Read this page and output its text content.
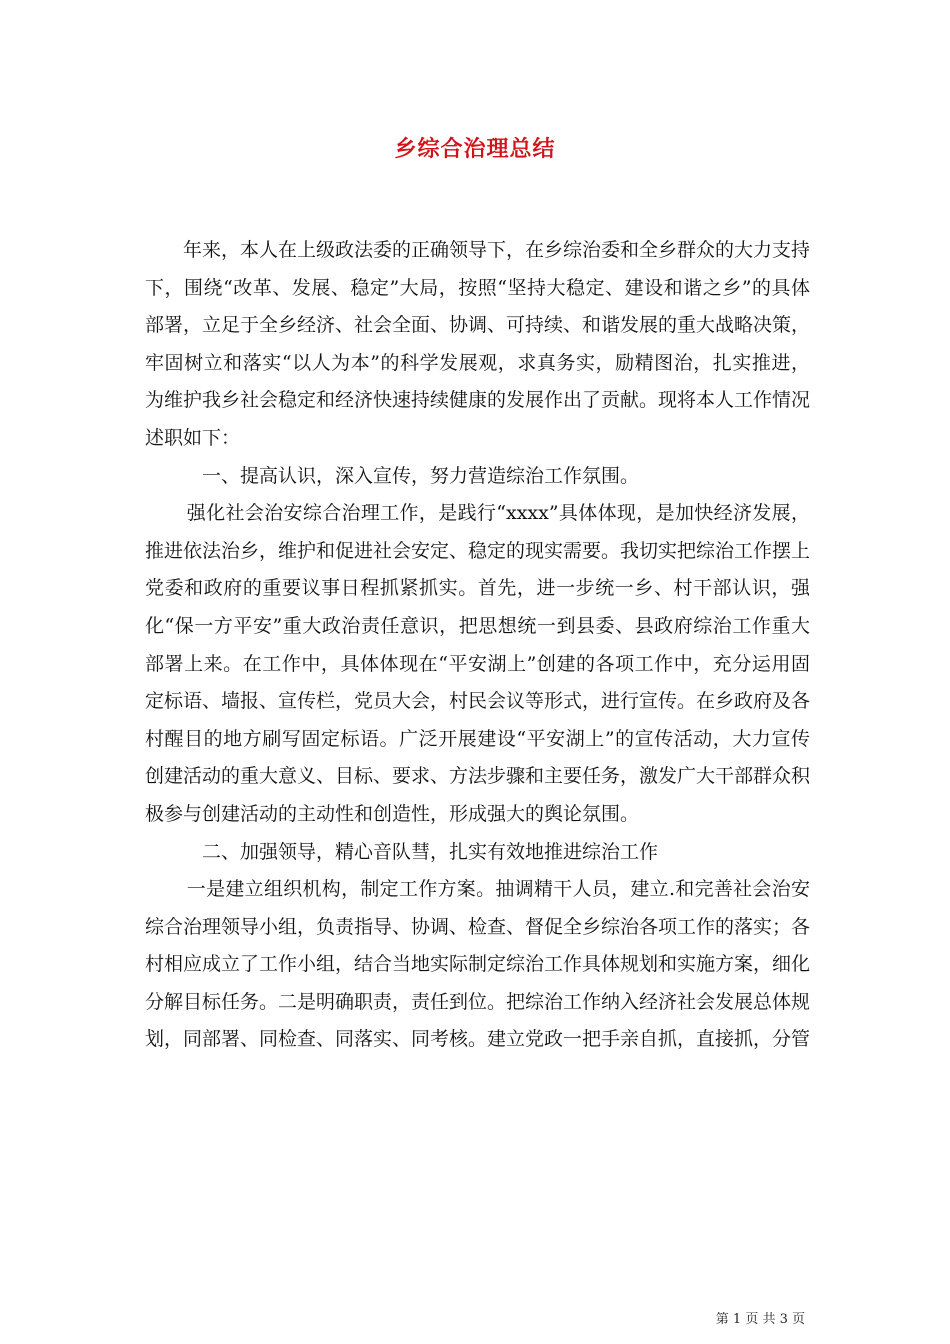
乡综合治理总结

年来，本人在上级政法委的正确领导下，在乡综治委和全乡群众的大力支持下，围绕“改革、发展、稳定”大局，按照“坚持大稳定、建设和谐之乡”的具体部署，立足于全乡经济、社会全面、协调、可持续、和谐发展的重大战略决策，牢固树立和落实“以人为本”的科学发展观，求真务实，励精图治，扎实推进，为维护我乡社会稳定和经济快速持续健康的发展作出了贡献。现将本人工作情况述职如下：

一、提高认识，深入宣传，努力营造综治工作氛围。

强化社会治安综合治理工作，是践行“xxxx”具体体现，是加快经济发展，推进依法治乡，维护和促进社会安定、稳定的现实需要。我切实把综治工作摆上党委和政府的重要议事日程抓紧抓实。首先，进一步统一乡、村干部认识，强化“保一方平安”重大政治责任意识，把思想统一到县委、县政府综治工作重大部署上来。在工作中，具体体现在“平安湖上”创建的各项工作中，充分运用固定标语、墙报、宣传栏，党员大会，村民会议等形式，进行宣传。在乡政府及各村醒目的地方刷写固定标语。广泛开展建设“平安湖上”的宣传活动，大力宣传创建活动的重大意义、目标、要求、方法步骤和主要任务，激发广大干部群众积极参与创建活动的主动性和创造性，形成强大的舆论氛围。

二、加强领导，精心音队彗，扎实有效地推进综治工作

一是建立组织机构，制定工作方案。抽调精干人员，建立.和完善社会治安综合治理领导小组，负责指导、协调、检查、督促全乡综治各项工作的落实；各村相应成立了工作小组，结合当地实际制定综治工作具体规划和实施方案，细化分解目标任务。二是明确职责，责任到位。把综治工作纳入经济社会发展总体规划，同部署、同检查、同落实、同考核。建立党政一把手亲自抓，直接抓，分管

第 1 页 共 3 页
